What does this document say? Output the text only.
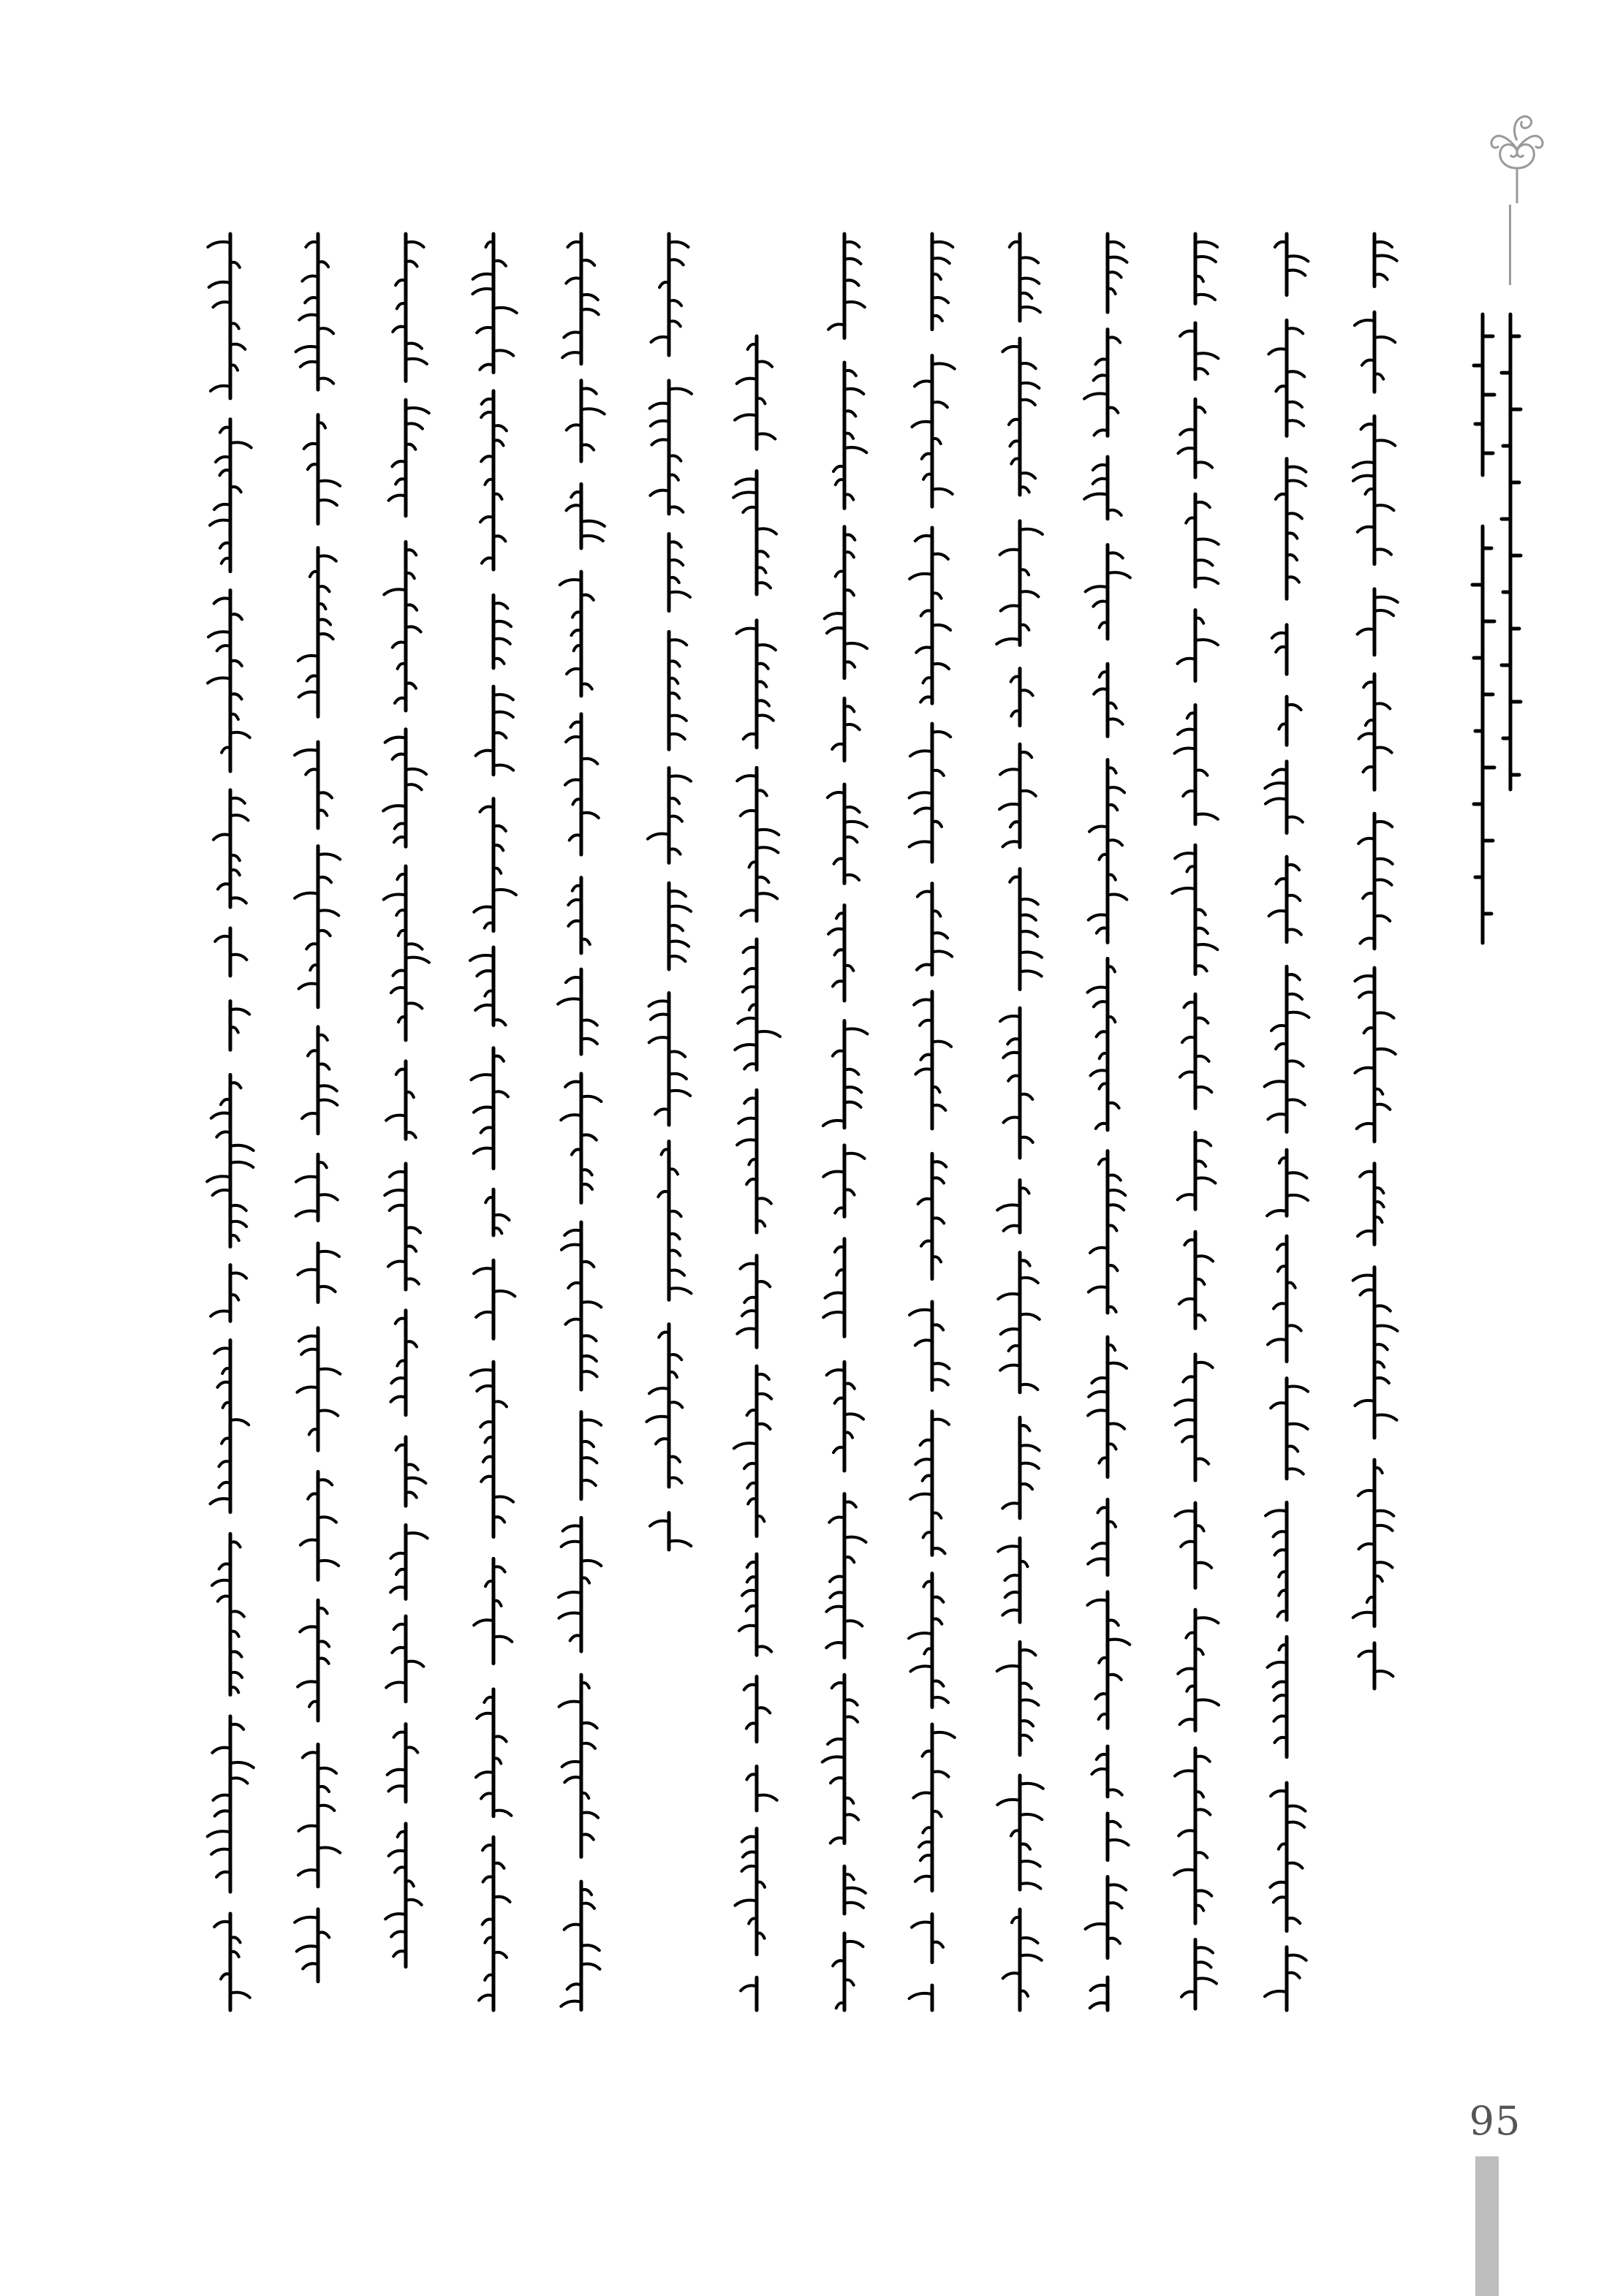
95
